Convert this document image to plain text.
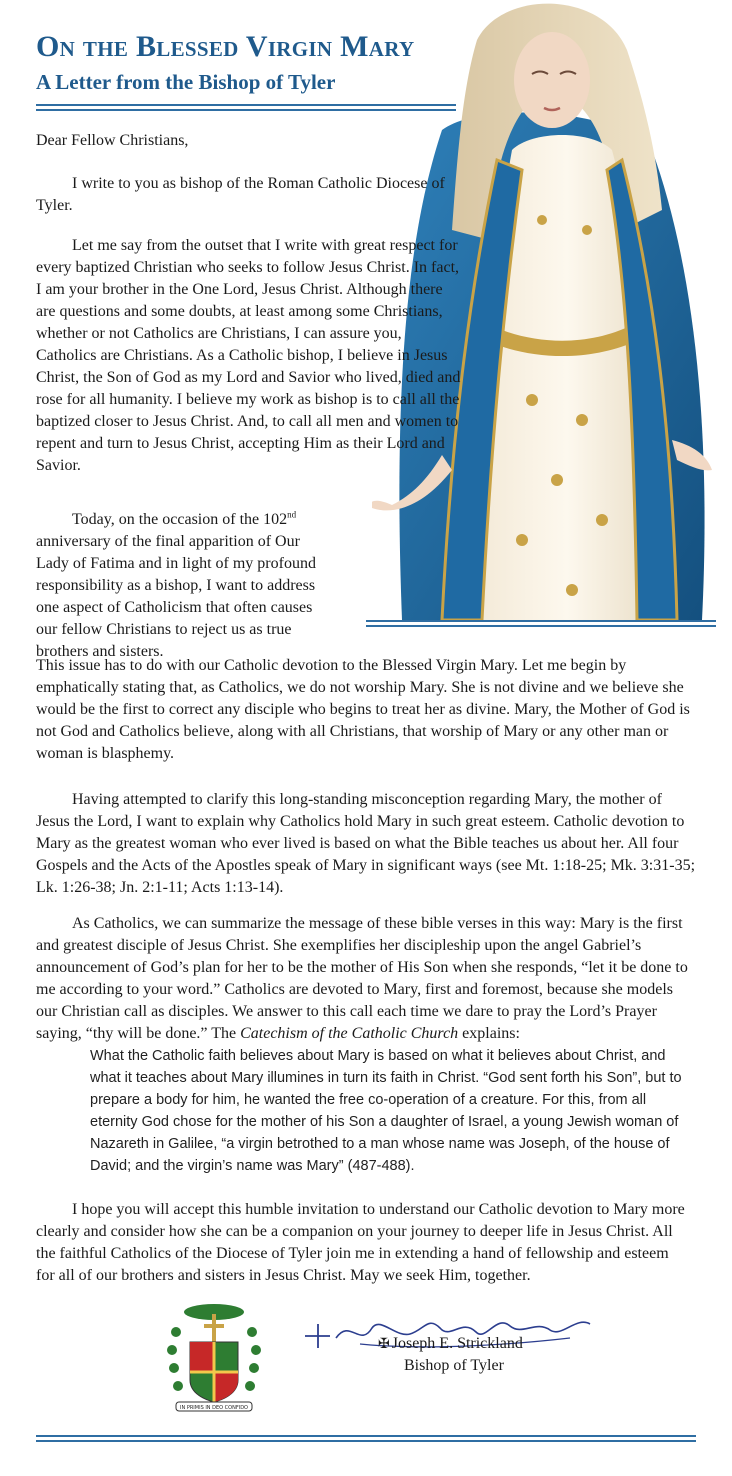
On the Blessed Virgin Mary
A Letter from the Bishop of Tyler

Dear Fellow Christians,

I write to you as bishop of the Roman Catholic Diocese of Tyler.

Let me say from the outset that I write with great respect for every baptized Christian who seeks to follow Jesus Christ. In fact, I am your brother in the One Lord, Jesus Christ. Although there are questions and some doubts, at least among some Christians, whether or not Catholics are Christians, I can assure you, Catholics are Christians. As a Catholic bishop, I believe in Jesus Christ, the Son of God as my Lord and Savior who lived, died and rose for all humanity. I believe my work as bishop is to call all the baptized closer to Jesus Christ. And, to call all men and women to repent and turn to Jesus Christ, accepting Him as their Lord and Savior.

Today, on the occasion of the 102nd anniversary of the final apparition of Our Lady of Fatima and in light of my profound responsibility as a bishop, I want to address one aspect of Catholicism that often causes our fellow Christians to reject us as true brothers and sisters.

This issue has to do with our Catholic devotion to the Blessed Virgin Mary. Let me begin by emphatically stating that, as Catholics, we do not worship Mary. She is not divine and we believe she would be the first to correct any disciple who begins to treat her as divine. Mary, the Mother of God is not God and Catholics believe, along with all Christians, that worship of Mary or any other man or woman is blasphemy.

Having attempted to clarify this long-standing misconception regarding Mary, the mother of Jesus the Lord, I want to explain why Catholics hold Mary in such great esteem. Catholic devotion to Mary as the greatest woman who ever lived is based on what the Bible teaches us about her. All four Gospels and the Acts of the Apostles speak of Mary in significant ways (see Mt. 1:18-25; Mk. 3:31-35; Lk. 1:26-38; Jn. 2:1-11; Acts 1:13-14).

As Catholics, we can summarize the message of these bible verses in this way: Mary is the first and greatest disciple of Jesus Christ. She exemplifies her discipleship upon the angel Gabriel’s announcement of God’s plan for her to be the mother of His Son when she responds, “let it be done to me according to your word.” Catholics are devoted to Mary, first and foremost, because she models our Christian call as disciples. We answer to this call each time we dare to pray the Lord’s Prayer saying, “thy will be done.” The Catechism of the Catholic Church explains:

What the Catholic faith believes about Mary is based on what it believes about Christ, and what it teaches about Mary illumines in turn its faith in Christ. “God sent forth his Son”, but to prepare a body for him, he wanted the free co-operation of a creature. For this, from all eternity God chose for the mother of his Son a daughter of Israel, a young Jewish woman of Nazareth in Galilee, “a virgin betrothed to a man whose name was Joseph, of the house of David; and the virgin’s name was Mary” (487-488).

I hope you will accept this humble invitation to understand our Catholic devotion to Mary more clearly and consider how she can be a companion on your journey to deeper life in Jesus Christ. All the faithful Catholics of the Diocese of Tyler join me in extending a hand of fellowship and esteem for all of our brothers and sisters in Jesus Christ. May we seek Him, together.

IN PRIMIS IN DEO CONFIDO
✠ Joseph E. Strickland
Bishop of Tyler
